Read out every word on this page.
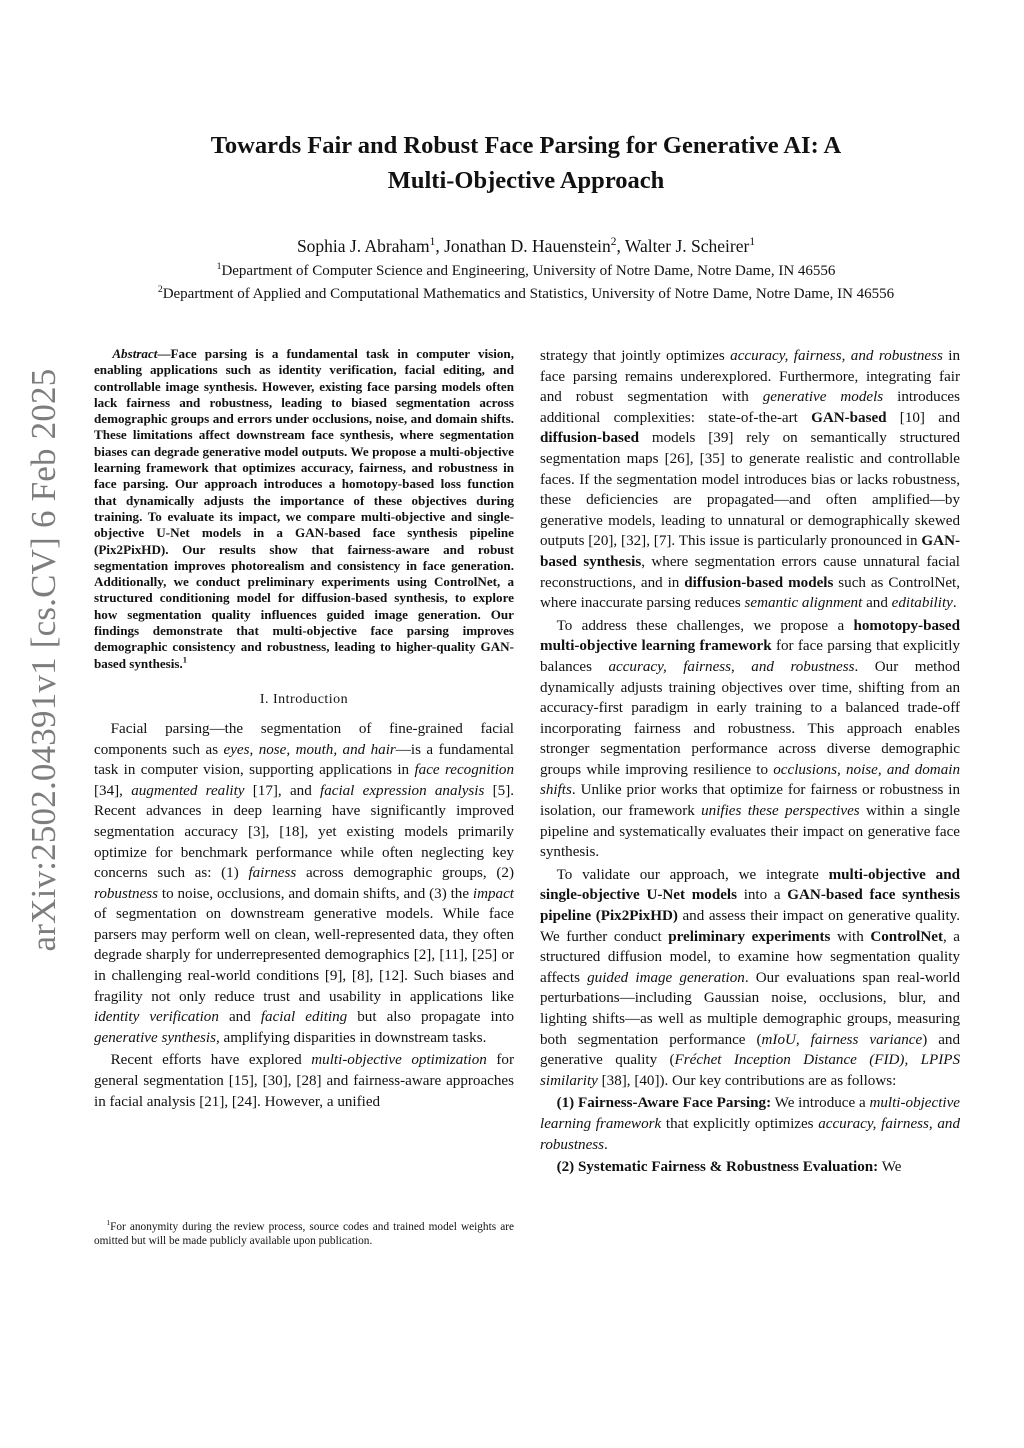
arXiv:2502.04391v1 [cs.CV] 6 Feb 2025
Towards Fair and Robust Face Parsing for Generative AI: A
Multi-Objective Approach
Sophia J. Abraham$^1$, Jonathan D. Hauenstein$^2$, Walter J. Scheirer$^1$
$^1$Department of Computer Science and Engineering, University of Notre Dame, Notre Dame, IN 46556
$^2$Department of Applied and Computational Mathematics and Statistics, University of Notre Dame, Notre Dame, IN 46556

Abstract—Face parsing is a fundamental task in computer vision, enabling applications such as identity verification, facial editing, and controllable image synthesis. However, existing face parsing models often lack fairness and robustness, leading to biased segmentation across demographic groups and errors under occlusions, noise, and domain shifts. These limitations affect downstream face synthesis, where segmentation biases can degrade generative model outputs. We propose a multi-objective learning framework that optimizes accuracy, fairness, and robustness in face parsing. Our approach introduces a homotopy-based loss function that dynamically adjusts the importance of these objectives during training. To evaluate its impact, we compare multi-objective and single-objective U-Net models in a GAN-based face synthesis pipeline (Pix2PixHD). Our results show that fairness-aware and robust segmentation improves photorealism and consistency in face generation. Additionally, we conduct preliminary experiments using ControlNet, a structured conditioning model for diffusion-based synthesis, to explore how segmentation quality influences guided image generation. Our findings demonstrate that multi-objective face parsing improves demographic consistency and robustness, leading to higher-quality GAN-based synthesis.$^1$

I. Introduction

Facial parsing—the segmentation of fine-grained facial components such as eyes, nose, mouth, and hair—is a fundamental task in computer vision, supporting applications in face recognition [34], augmented reality [17], and facial expression analysis [5]. Recent advances in deep learning have significantly improved segmentation accuracy [3], [18], yet existing models primarily optimize for benchmark performance while often neglecting key concerns such as: (1) fairness across demographic groups, (2) robustness to noise, occlusions, and domain shifts, and (3) the impact of segmentation on downstream generative models. While face parsers may perform well on clean, well-represented data, they often degrade sharply for underrepresented demographics [2], [11], [25] or in challenging real-world conditions [9], [8], [12]. Such biases and fragility not only reduce trust and usability in applications like identity verification and facial editing but also propagate into generative synthesis, amplifying disparities in downstream tasks.

Recent efforts have explored multi-objective optimization for general segmentation [15], [30], [28] and fairness-aware approaches in facial analysis [21], [24]. However, a unified

strategy that jointly optimizes accuracy, fairness, and robustness in face parsing remains underexplored. Furthermore, integrating fair and robust segmentation with generative models introduces additional complexities: state-of-the-art GAN-based [10] and diffusion-based models [39] rely on semantically structured segmentation maps [26], [35] to generate realistic and controllable faces. If the segmentation model introduces bias or lacks robustness, these deficiencies are propagated—and often amplified—by generative models, leading to unnatural or demographically skewed outputs [20], [32], [7]. This issue is particularly pronounced in GAN-based synthesis, where segmentation errors cause unnatural facial reconstructions, and in diffusion-based models such as ControlNet, where inaccurate parsing reduces semantic alignment and editability.

To address these challenges, we propose a homotopy-based multi-objective learning framework for face parsing that explicitly balances accuracy, fairness, and robustness. Our method dynamically adjusts training objectives over time, shifting from an accuracy-first paradigm in early training to a balanced trade-off incorporating fairness and robustness. This approach enables stronger segmentation performance across diverse demographic groups while improving resilience to occlusions, noise, and domain shifts. Unlike prior works that optimize for fairness or robustness in isolation, our framework unifies these perspectives within a single pipeline and systematically evaluates their impact on generative face synthesis.

To validate our approach, we integrate multi-objective and single-objective U-Net models into a GAN-based face synthesis pipeline (Pix2PixHD) and assess their impact on generative quality. We further conduct preliminary experiments with ControlNet, a structured diffusion model, to examine how segmentation quality affects guided image generation. Our evaluations span real-world perturbations—including Gaussian noise, occlusions, blur, and lighting shifts—as well as multiple demographic groups, measuring both segmentation performance (mIoU, fairness variance) and generative quality (Fréchet Inception Distance (FID), LPIPS similarity [38], [40]). Our key contributions are as follows:

(1) Fairness-Aware Face Parsing: We introduce a multi-objective learning framework that explicitly optimizes accuracy, fairness, and robustness.

(2) Systematic Fairness & Robustness Evaluation: We

$^1$For anonymity during the review process, source codes and trained model weights are omitted but will be made publicly available upon publication.
